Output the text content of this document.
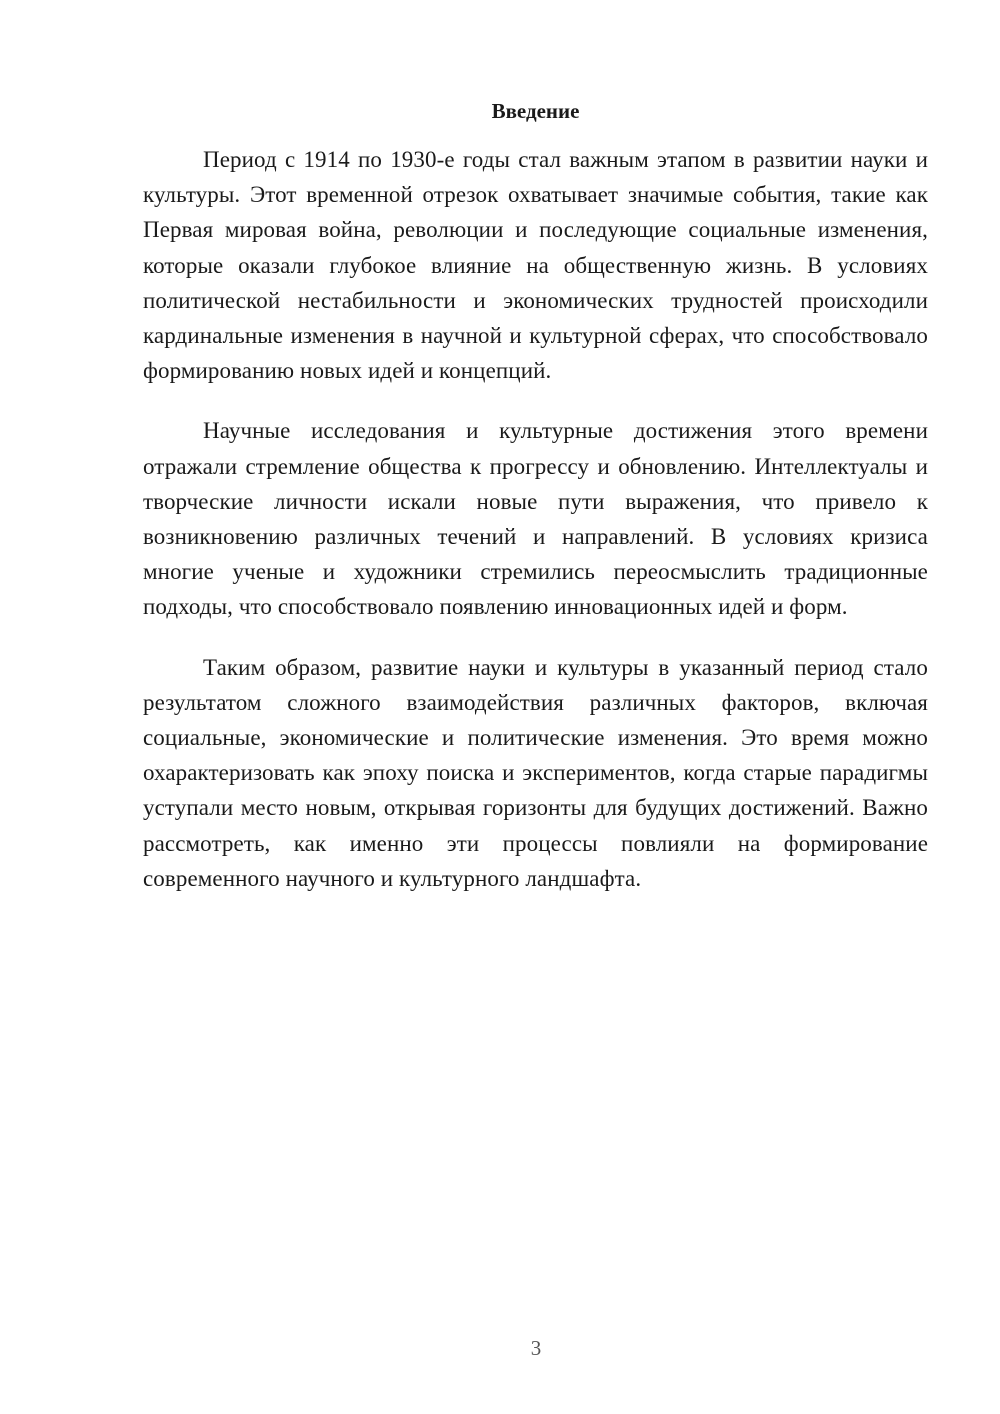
Введение

Период с 1914 по 1930-е годы стал важным этапом в развитии науки и культуры. Этот временной отрезок охватывает значимые события, такие как Первая мировая война, революции и последующие социальные изменения, которые оказали глубокое влияние на общественную жизнь. В условиях политической нестабильности и экономических трудностей происходили кардинальные изменения в научной и культурной сферах, что способствовало формированию новых идей и концепций.

Научные исследования и культурные достижения этого времени отражали стремление общества к прогрессу и обновлению. Интеллектуалы и творческие личности искали новые пути выражения, что привело к возникновению различных течений и направлений. В условиях кризиса многие ученые и художники стремились переосмыслить традиционные подходы, что способствовало появлению инновационных идей и форм.

Таким образом, развитие науки и культуры в указанный период стало результатом сложного взаимодействия различных факторов, включая социальные, экономические и политические изменения. Это время можно охарактеризовать как эпоху поиска и экспериментов, когда старые парадигмы уступали место новым, открывая горизонты для будущих достижений. Важно рассмотреть, как именно эти процессы повлияли на формирование современного научного и культурного ландшафта.

3
